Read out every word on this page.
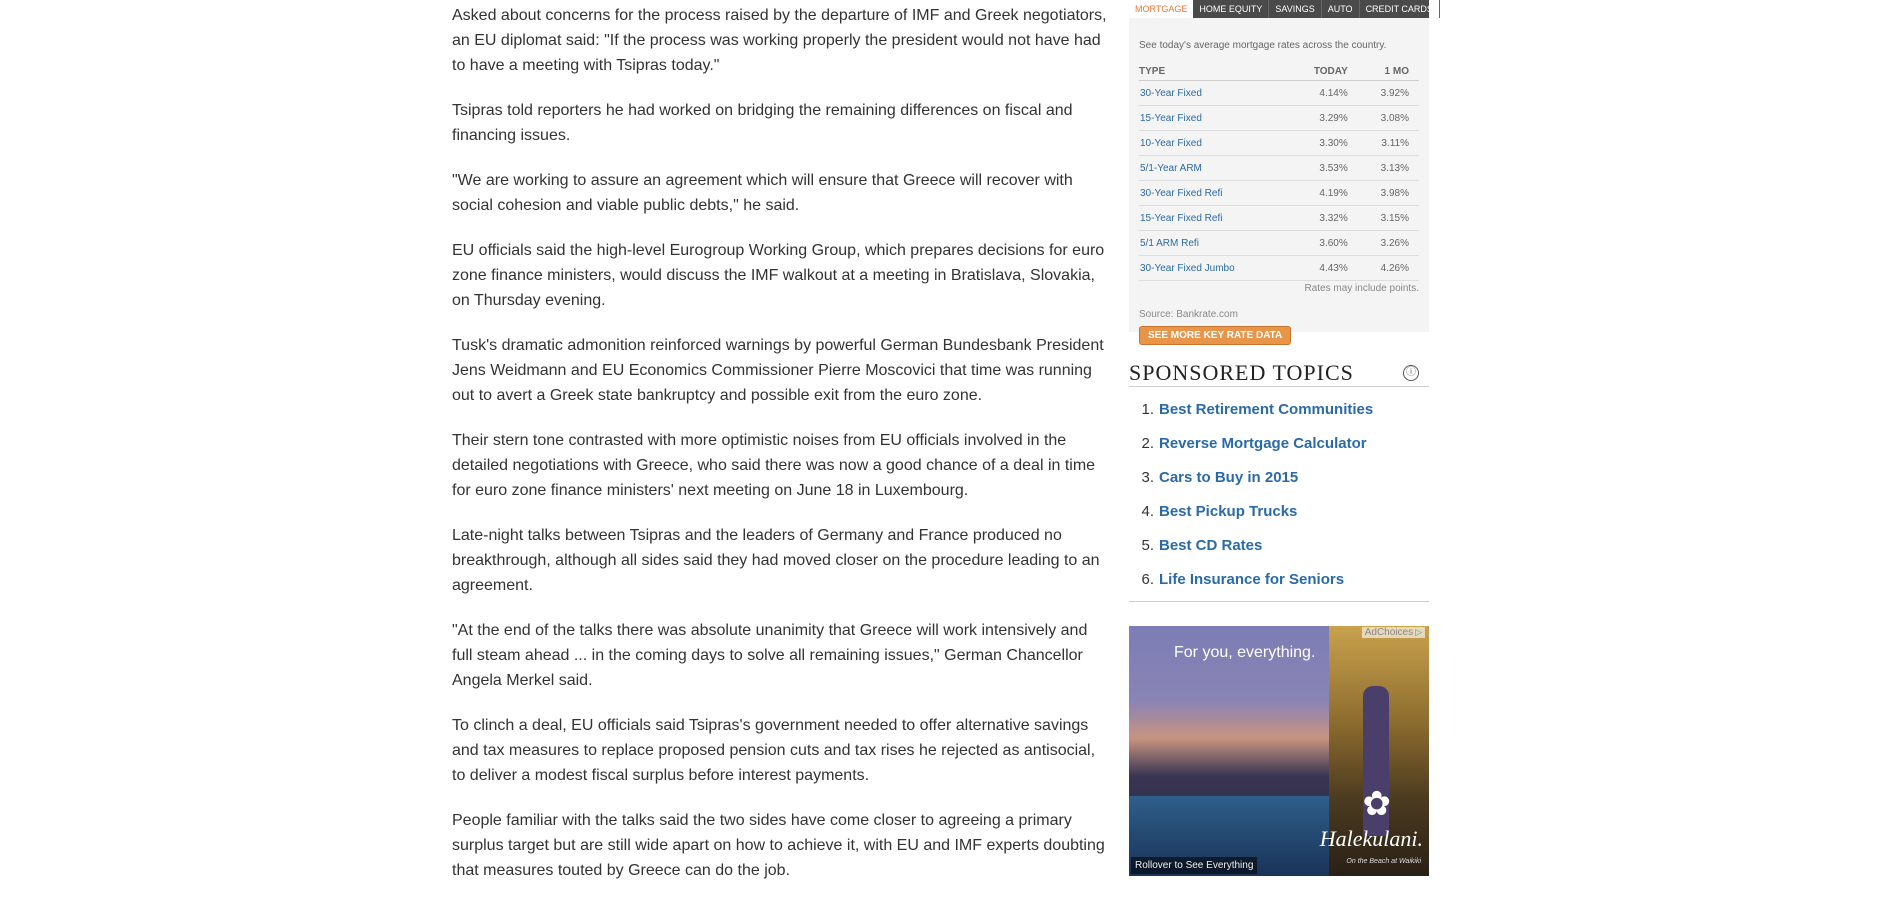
Asked about concerns for the process raised by the departure of IMF and Greek negotiators, an EU diplomat said: "If the process was working properly the president would not have had to have a meeting with Tsipras today."

Tsipras told reporters he had worked on bridging the remaining differences on fiscal and financing issues.

"We are working to assure an agreement which will ensure that Greece will recover with social cohesion and viable public debts," he said.

EU officials said the high-level Eurogroup Working Group, which prepares decisions for euro zone finance ministers, would discuss the IMF walkout at a meeting in Bratislava, Slovakia, on Thursday evening.

Tusk's dramatic admonition reinforced warnings by powerful German Bundesbank President Jens Weidmann and EU Economics Commissioner Pierre Moscovici that time was running out to avert a Greek state bankruptcy and possible exit from the euro zone.

Their stern tone contrasted with more optimistic noises from EU officials involved in the detailed negotiations with Greece, who said there was now a good chance of a deal in time for euro zone finance ministers' next meeting on June 18 in Luxembourg.

Late-night talks between Tsipras and the leaders of Germany and France produced no breakthrough, although all sides said they had moved closer on the procedure leading to an agreement.

"At the end of the talks there was absolute unanimity that Greece will work intensively and full steam ahead ... in the coming days to solve all remaining issues," German Chancellor Angela Merkel said.

To clinch a deal, EU officials said Tsipras's government needed to offer alternative savings and tax measures to replace proposed pension cuts and tax rises he rejected as antisocial, to deliver a modest fiscal surplus before interest payments.

People familiar with the talks said the two sides have come closer to agreeing a primary surplus target but are still wide apart on how to achieve it, with EU and IMF experts doubting that measures touted by Greece can do the job.

MORTGAGE	HOME EQUITY	SAVINGS	AUTO	CREDIT CARDS
See today's average mortgage rates across the country.
TYPE	TODAY	1 MO
30-Year Fixed	4.14%	3.92%
15-Year Fixed	3.29%	3.08%
10-Year Fixed	3.30%	3.11%
5/1-Year ARM	3.53%	3.13%
30-Year Fixed Refi	4.19%	3.98%
15-Year Fixed Refi	3.32%	3.15%
5/1 ARM Refi	3.60%	3.26%
30-Year Fixed Jumbo	4.43%	4.26%
Rates may include points.
Source: Bankrate.com
SEE MORE KEY RATE DATA
SPONSORED TOPICS	ⓘ
1. Best Retirement Communities
2. Reverse Mortgage Calculator
3. Cars to Buy in 2015
4. Best Pickup Trucks
5. Best CD Rates
6. Life Insurance for Seniors
For you, everything.
AdChoices ▷
✿
Halekulani.
On the Beach at Waikiki
Rollover to See Everything
